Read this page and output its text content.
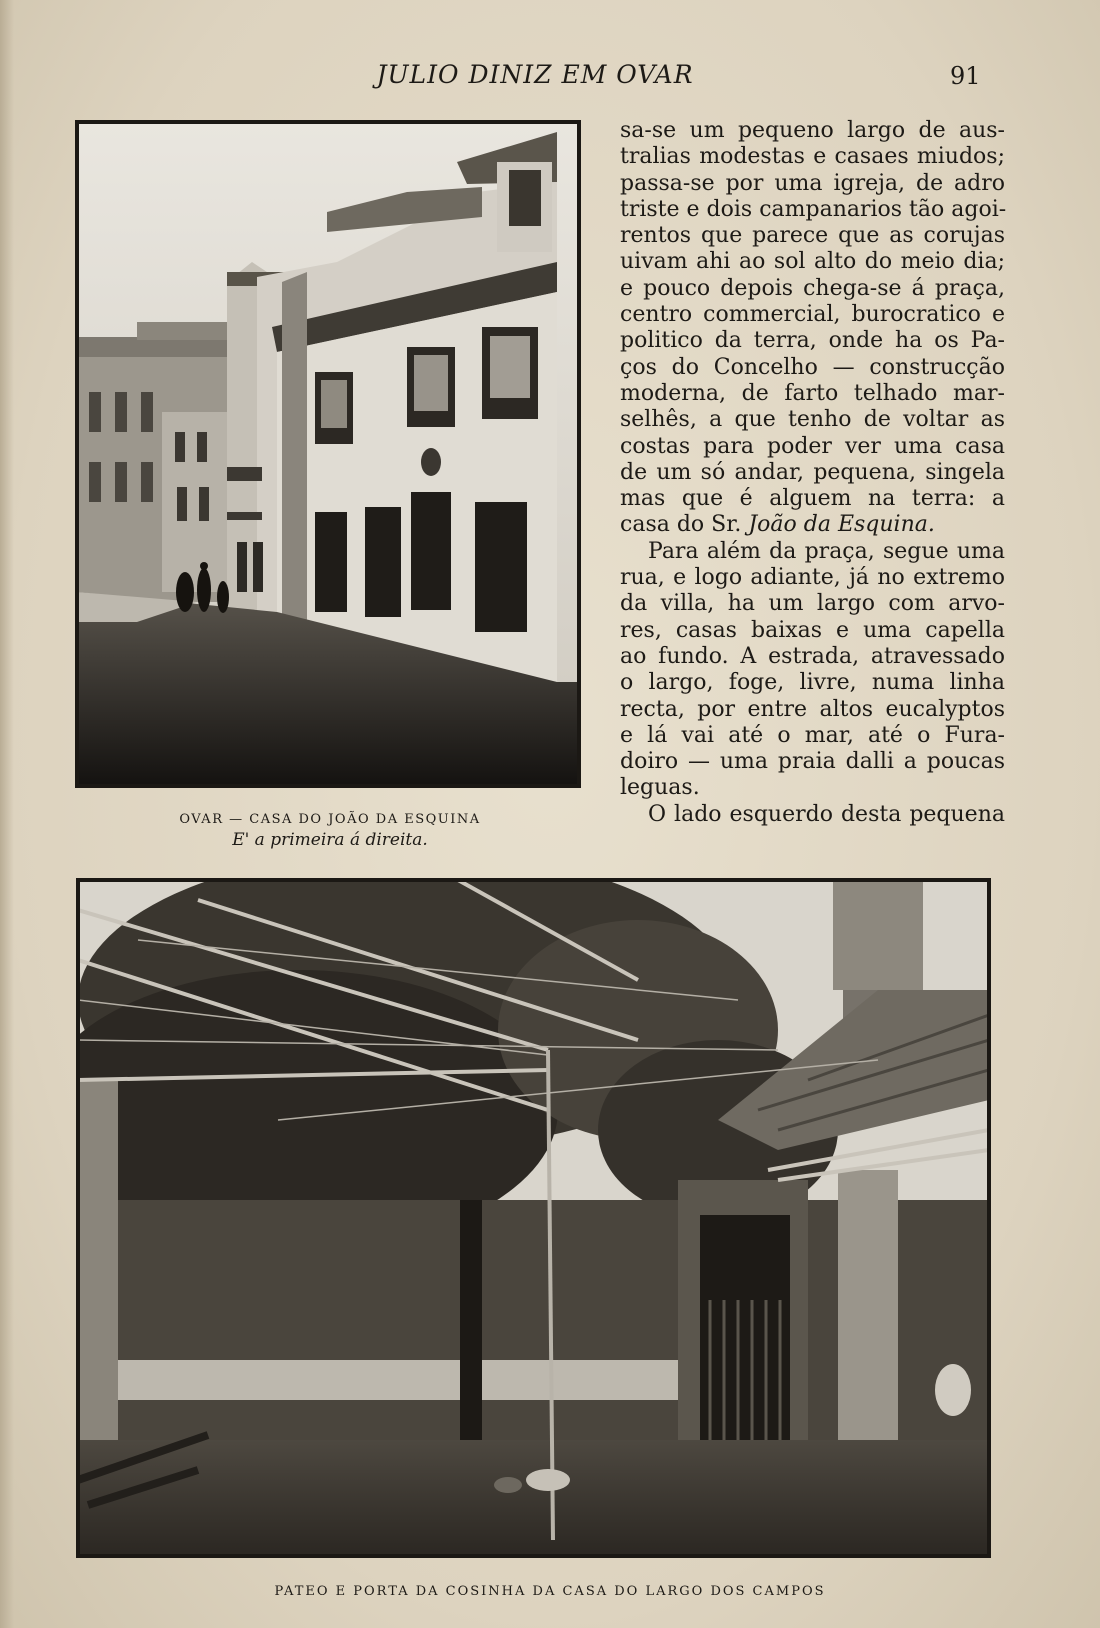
JULIO DINIZ EM OVAR	91
OVAR — CASA DO JOÃO DA ESQUINA
E' a primeira á direita.
sa-se um pequeno largo de aus-
tralias modestas e casaes miudos;
passa-se por uma igreja, de adro
triste e dois campanarios tão agoi-
rentos que parece que as corujas
uivam ahi ao sol alto do meio dia;
e pouco depois chega-se á praça,
centro commercial, burocratico e
politico da terra, onde ha os Pa-
ços do Concelho — construcção
moderna, de farto telhado mar-
selhês, a que tenho de voltar as
costas para poder ver uma casa
de um só andar, pequena, singela
mas que é alguem na terra: a
casa do Sr. João da Esquina.
Para além da praça, segue uma
rua, e logo adiante, já no extremo
da villa, ha um largo com arvo-
res, casas baixas e uma capella
ao fundo. A estrada, atravessado
o largo, foge, livre, numa linha
recta, por entre altos eucalyptos
e lá vai até o mar, até o Fura-
doiro — uma praia dalli a poucas
leguas.
O lado esquerdo desta pequena
PATEO E PORTA DA COSINHA DA CASA DO LARGO DOS CAMPOS
